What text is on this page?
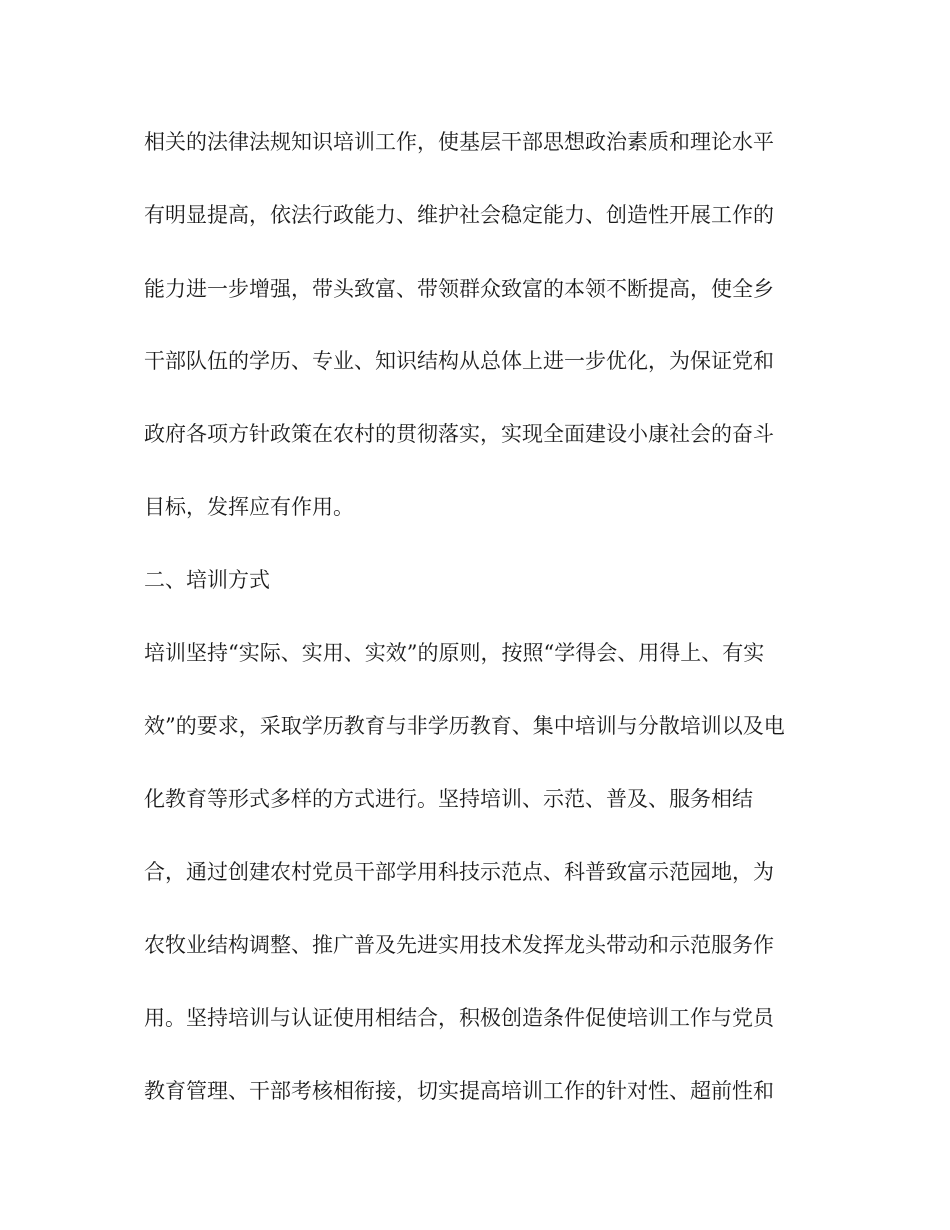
相关的法律法规知识培训工作，使基层干部思想政治素质和理论水平

有明显提高，依法行政能力、维护社会稳定能力、创造性开展工作的

能力进一步增强，带头致富、带领群众致富的本领不断提高，使全乡

干部队伍的学历、专业、知识结构从总体上进一步优化，为保证党和

政府各项方针政策在农村的贯彻落实，实现全面建设小康社会的奋斗

目标，发挥应有作用。

二、培训方式

培训坚持“实际、实用、实效”的原则，按照“学得会、用得上、有实

效”的要求，采取学历教育与非学历教育、集中培训与分散培训以及电

化教育等形式多样的方式进行。坚持培训、示范、普及、服务相结

合，通过创建农村党员干部学用科技示范点、科普致富示范园地，为

农牧业结构调整、推广普及先进实用技术发挥龙头带动和示范服务作

用。坚持培训与认证使用相结合，积极创造条件促使培训工作与党员

教育管理、干部考核相衔接，切实提高培训工作的针对性、超前性和
